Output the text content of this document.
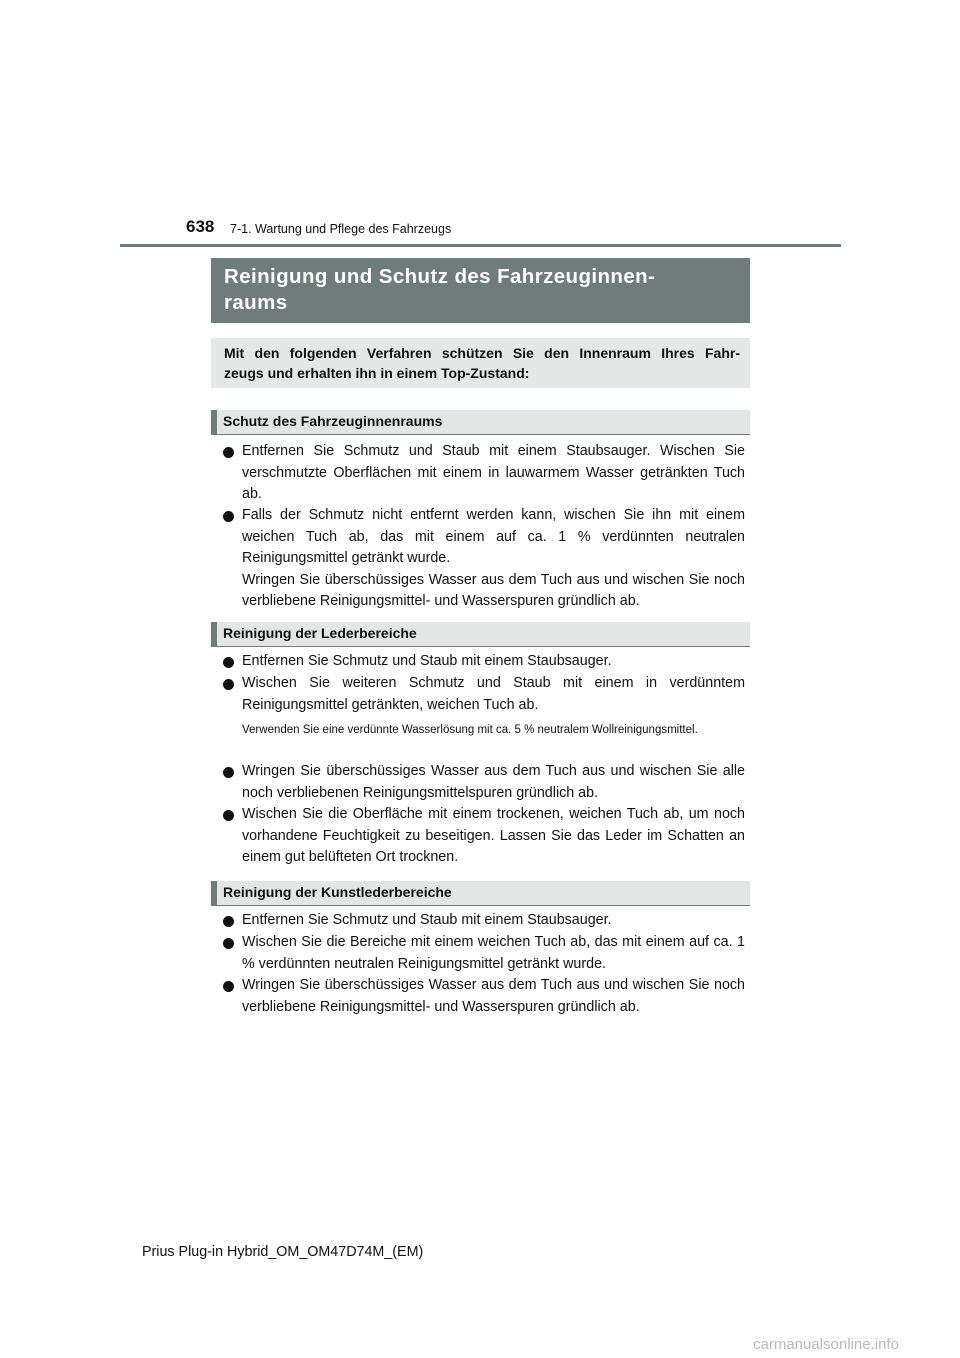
638 7-1. Wartung und Pflege des Fahrzeugs
Reinigung und Schutz des Fahrzeuginnen-
raums
Mit den folgenden Verfahren schützen Sie den Innenraum Ihres Fahr-
zeugs und erhalten ihn in einem Top-Zustand:
Schutz des Fahrzeuginnenraums
Entfernen Sie Schmutz und Staub mit einem Staubsauger. Wischen Sie verschmutzte Oberflächen mit einem in lauwarmem Wasser getränkten Tuch ab.
Falls der Schmutz nicht entfernt werden kann, wischen Sie ihn mit einem weichen Tuch ab, das mit einem auf ca. 1 % verdünnten neutralen Reinigungsmittel getränkt wurde.
Wringen Sie überschüssiges Wasser aus dem Tuch aus und wischen Sie noch verbliebene Reinigungsmittel- und Wasserspuren gründlich ab.
Reinigung der Lederbereiche
Entfernen Sie Schmutz und Staub mit einem Staubsauger.
Wischen Sie weiteren Schmutz und Staub mit einem in verdünntem Reinigungsmittel getränkten, weichen Tuch ab.
Verwenden Sie eine verdünnte Wasserlösung mit ca. 5 % neutralem Wollreinigungsmittel.
Wringen Sie überschüssiges Wasser aus dem Tuch aus und wischen Sie alle noch verbliebenen Reinigungsmittelspuren gründlich ab.
Wischen Sie die Oberfläche mit einem trockenen, weichen Tuch ab, um noch vorhandene Feuchtigkeit zu beseitigen. Lassen Sie das Leder im Schatten an einem gut belüfteten Ort trocknen.
Reinigung der Kunstlederbereiche
Entfernen Sie Schmutz und Staub mit einem Staubsauger.
Wischen Sie die Bereiche mit einem weichen Tuch ab, das mit einem auf ca. 1 % verdünnten neutralen Reinigungsmittel getränkt wurde.
Wringen Sie überschüssiges Wasser aus dem Tuch aus und wischen Sie noch verbliebene Reinigungsmittel- und Wasserspuren gründlich ab.
Prius Plug-in Hybrid_OM_OM47D74M_(EM)
carmanualsonline.info
